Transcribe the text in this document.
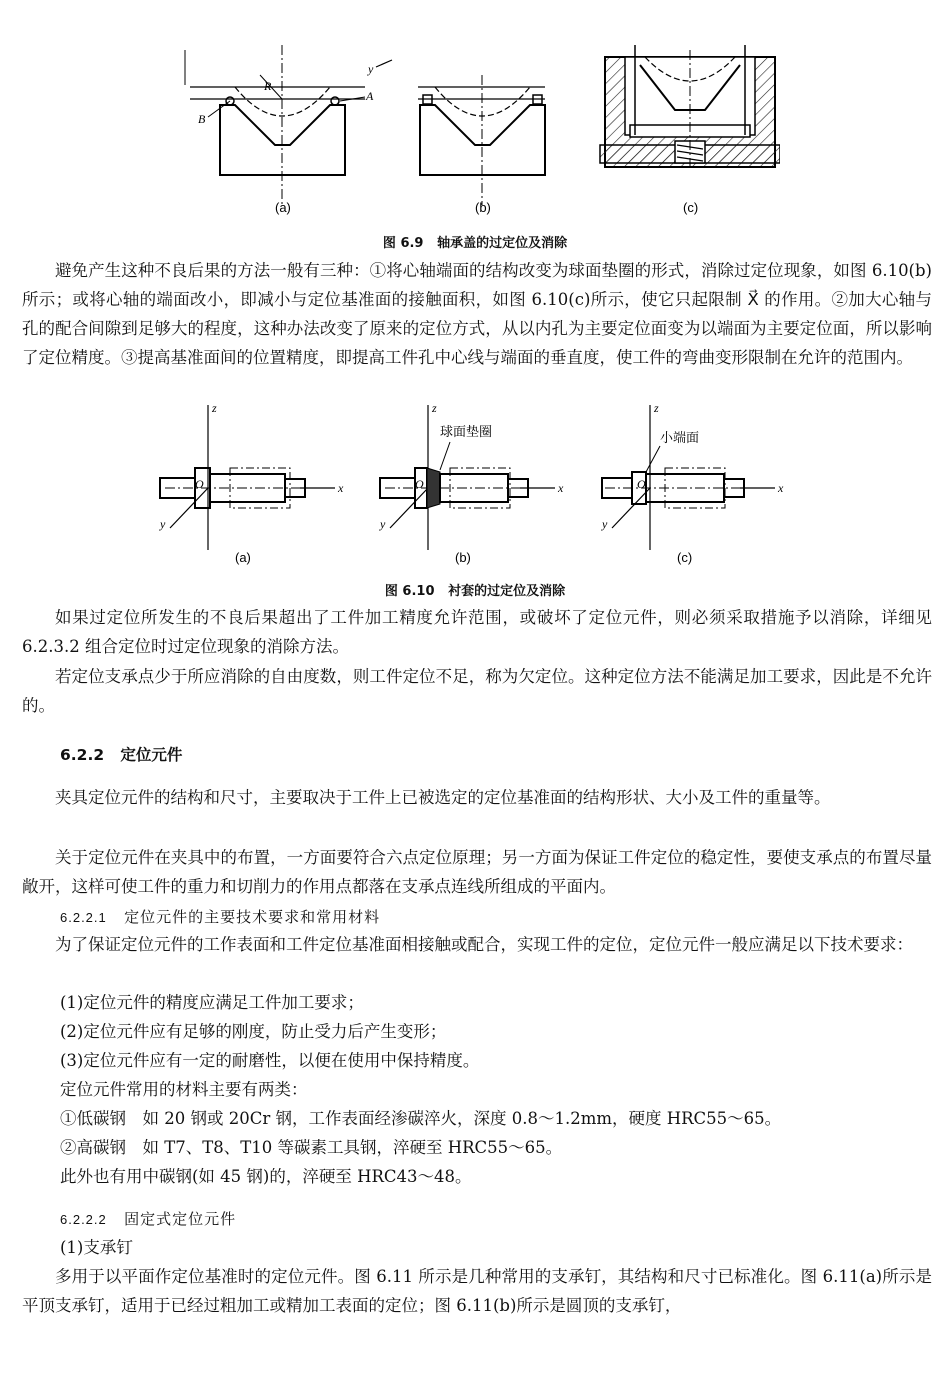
R
A
B
y
(a)	(b)	(c)
图 6.9 轴承盖的过定位及消除
避免产生这种不良后果的方法一般有三种：①将心轴端面的结构改变为球面垫圈的形式，消除过定位现象，如图 6.10(b)所示；或将心轴的端面改小，即减小与定位基准面的接触面积，如图 6.10(c)所示，使它只起限制 X⃗ 的作用。②加大心轴与孔的配合间隙到足够大的程度，这种办法改变了原来的定位方式，从以内孔为主要定位面变为以端面为主要定位面，所以影响了定位精度。③提高基准面间的位置精度，即提高工件孔中心线与端面的垂直度，使工件的弯曲变形限制在允许的范围内。
z
x
y
O
(a)
球面垫圈
z
x
y
O
(b)
小端面
z
x
y
O
(c)
图 6.10 衬套的过定位及消除
如果过定位所发生的不良后果超出了工件加工精度允许范围，或破坏了定位元件，则必须采取措施予以消除，详细见 6.2.3.2 组合定位时过定位现象的消除方法。
若定位支承点少于所应消除的自由度数，则工件定位不足，称为欠定位。这种定位方法不能满足加工要求，因此是不允许的。
6.2.2 定位元件
夹具定位元件的结构和尺寸，主要取决于工件上已被选定的定位基准面的结构形状、大小及工件的重量等。
关于定位元件在夹具中的布置，一方面要符合六点定位原理；另一方面为保证工件定位的稳定性，要使支承点的布置尽量敞开，这样可使工件的重力和切削力的作用点都落在支承点连线所组成的平面内。
6.2.2.1 定位元件的主要技术要求和常用材料
为了保证定位元件的工作表面和工件定位基准面相接触或配合，实现工件的定位，定位元件一般应满足以下技术要求：
(1)定位元件的精度应满足工件加工要求；
(2)定位元件应有足够的刚度，防止受力后产生变形；
(3)定位元件应有一定的耐磨性，以便在使用中保持精度。
定位元件常用的材料主要有两类：
①低碳钢　如 20 钢或 20Cr 钢，工作表面经渗碳淬火，深度 0.8～1.2mm，硬度 HRC55～65。
②高碳钢　如 T7、T8、T10 等碳素工具钢，淬硬至 HRC55～65。
此外也有用中碳钢(如 45 钢)的，淬硬至 HRC43～48。
6.2.2.2 固定式定位元件
(1)支承钉
多用于以平面作定位基准时的定位元件。图 6.11 所示是几种常用的支承钉，其结构和尺寸已标准化。图 6.11(a)所示是平顶支承钉，适用于已经过粗加工或精加工表面的定位；图 6.11(b)所示是圆顶的支承钉，
